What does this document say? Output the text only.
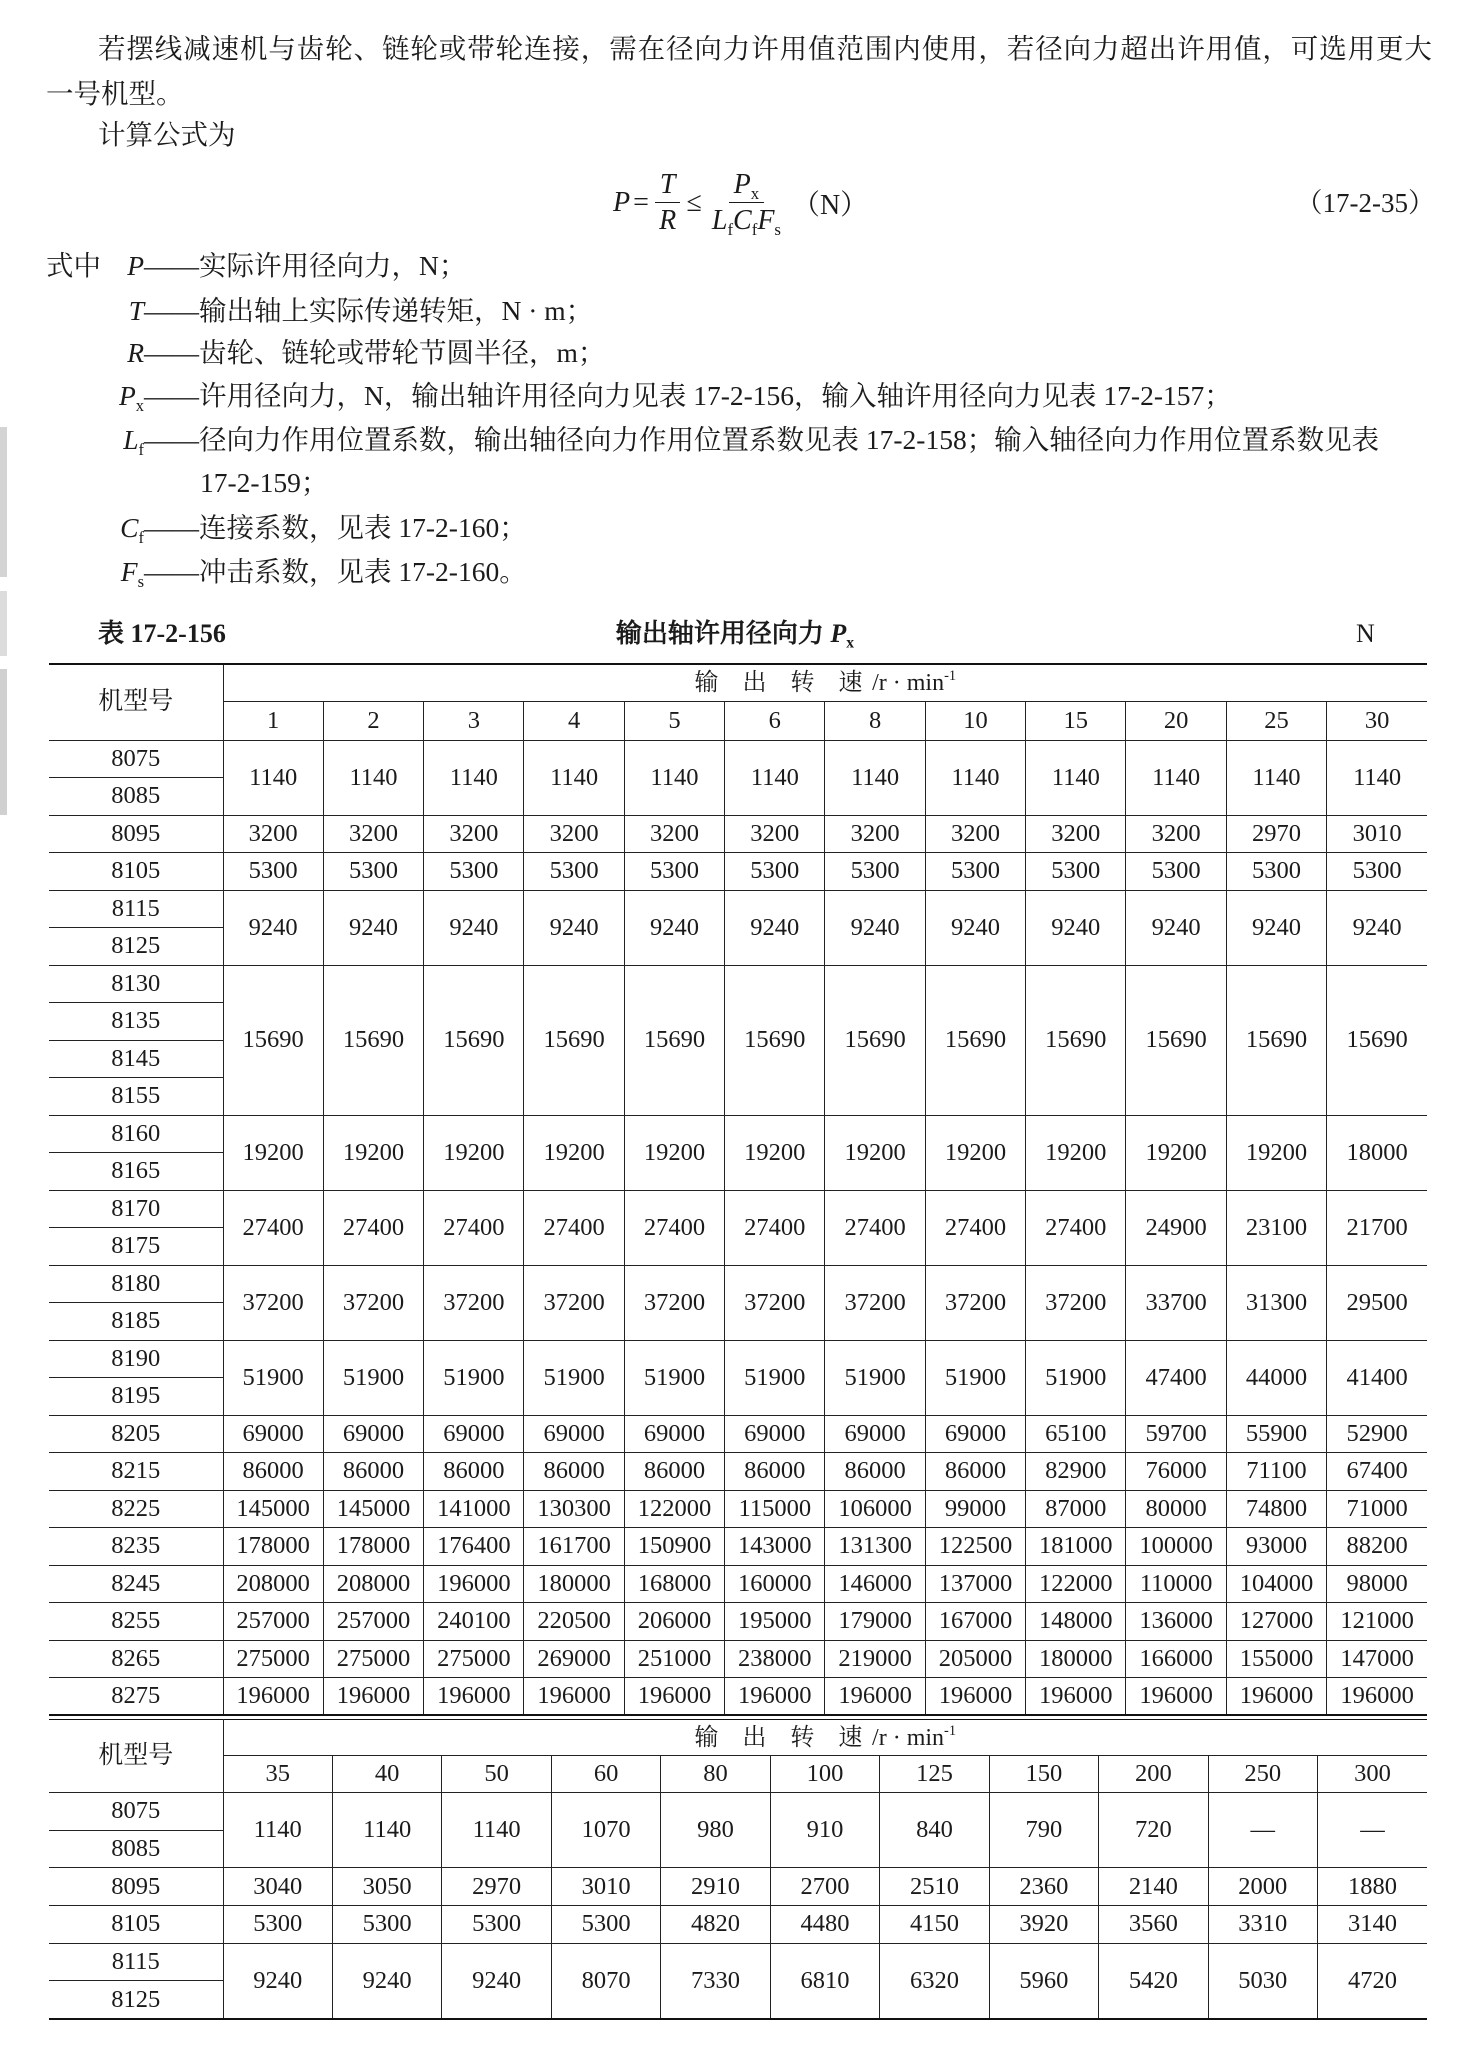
若摆线减速机与齿轮、链轮或带轮连接，需在径向力许用值范围内使用，若径向力超出许用值，可选用更大
一号机型。
计算公式为
$P = \frac{T}{R} \le \frac{P_x}{L_fC_fF_s} (N)$	（17-2-35）
式中 P ——实际许用径向力，N；
T ——输出轴上实际传递转矩，N · m；
R ——齿轮、链轮或带轮节圆半径，m；
$P_x$ ——许用径向力，N，输出轴许用径向力见表 17-2-156，输入轴许用径向力见表 17-2-157；
$L_f$ ——径向力作用位置系数，输出轴径向力作用位置系数见表 17-2-158；输入轴径向力作用位置系数见表
17-2-159；
$C_f$ ——连接系数，见表 17-2-160；
$F_s$ ——冲击系数，见表 17-2-160。
表 17-2-156	输出轴许用径向力 $P_x$	N
机型号	输出转速$/r \cdot \min^{-1}$
	1	2	3	4	5	6	8	10	15	20	25	30
8075	1140	1140	1140	1140	1140	1140	1140	1140	1140	1140	1140	1140
8085												
8095	3200	3200	3200	3200	3200	3200	3200	3200	3200	3200	2970	3010
8105	5300	5300	5300	5300	5300	5300	5300	5300	5300	5300	5300	5300
8115	9240	9240	9240	9240	9240	9240	9240	9240	9240	9240	9240	9240
8125												
8130	15690	15690	15690	15690	15690	15690	15690	15690	15690	15690	15690	15690
8135												
8145												
8155												
8160	19200	19200	19200	19200	19200	19200	19200	19200	19200	19200	19200	18000
8165												
8170	27400	27400	27400	27400	27400	27400	27400	27400	27400	24900	23100	21700
8175												
8180	37200	37200	37200	37200	37200	37200	37200	37200	37200	33700	31300	29500
8185												
8190	51900	51900	51900	51900	51900	51900	51900	51900	51900	47400	44000	41400
8195												
8205	69000	69000	69000	69000	69000	69000	69000	69000	65100	59700	55900	52900
8215	86000	86000	86000	86000	86000	86000	86000	86000	82900	76000	71100	67400
8225	145000	145000	141000	130300	122000	115000	106000	99000	87000	80000	74800	71000
8235	178000	178000	176400	161700	150900	143000	131300	122500	181000	100000	93000	88200
8245	208000	208000	196000	180000	168000	160000	146000	137000	122000	110000	104000	98000
8255	257000	257000	240100	220500	206000	195000	179000	167000	148000	136000	127000	121000
8265	275000	275000	275000	269000	251000	238000	219000	205000	180000	166000	155000	147000
8275	196000	196000	196000	196000	196000	196000	196000	196000	196000	196000	196000	196000
机型号	输出转速$/r \cdot \min^{-1}$
	35	40	50	60	80	100	125	150	200	250	300
8075	1140	1140	1140	1070	980	910	840	790	720	—	—
8085											
8095	3040	3050	2970	3010	2910	2700	2510	2360	2140	2000	1880
8105	5300	5300	5300	5300	4820	4480	4150	3920	3560	3310	3140
8115	9240	9240	9240	8070	7330	6810	6320	5960	5420	5030	4720
8125											
